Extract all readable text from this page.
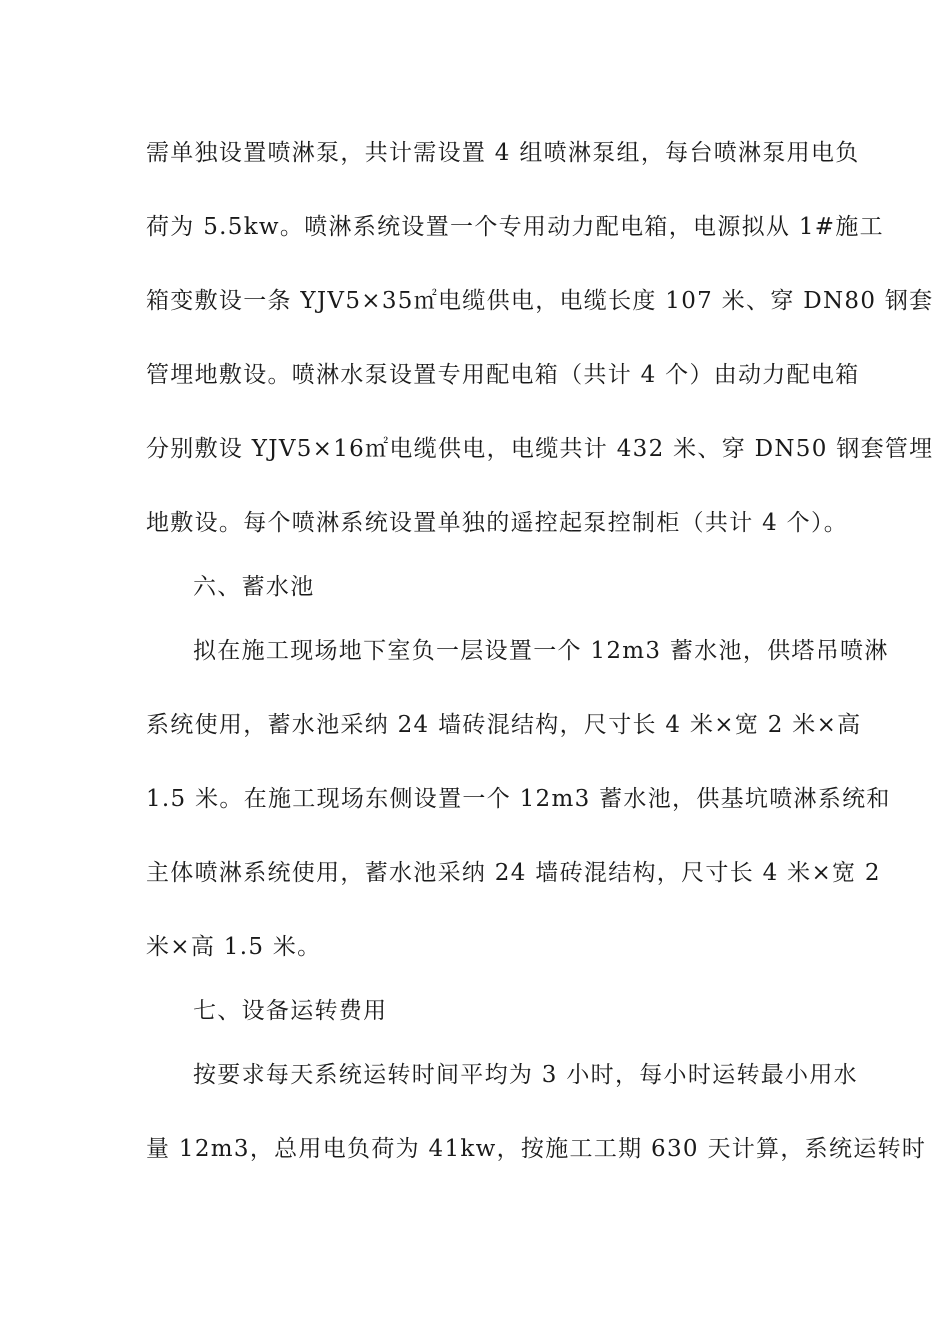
需单独设置喷淋泵，共计需设置 4 组喷淋泵组，每台喷淋泵用电负
荷为 5.5kw。喷淋系统设置一个专用动力配电箱，电源拟从 1#施工
箱变敷设一条 YJV5×35㎡电缆供电，电缆长度 107 米、穿 DN80 钢套
管埋地敷设。喷淋水泵设置专用配电箱（共计 4 个）由动力配电箱
分别敷设 YJV5×16㎡电缆供电，电缆共计 432 米、穿 DN50 钢套管埋
地敷设。每个喷淋系统设置单独的遥控起泵控制柜（共计 4 个）。
六、蓄水池
拟在施工现场地下室负一层设置一个 12m3 蓄水池，供塔吊喷淋
系统使用，蓄水池采纳 24 墙砖混结构，尺寸长 4 米×宽 2 米×高
1.5 米。在施工现场东侧设置一个 12m3 蓄水池，供基坑喷淋系统和
主体喷淋系统使用，蓄水池采纳 24 墙砖混结构，尺寸长 4 米×宽 2
米×高 1.5 米。
七、设备运转费用
按要求每天系统运转时间平均为 3 小时，每小时运转最小用水
量 12m3，总用电负荷为 41kw，按施工工期 630 天计算，系统运转时
